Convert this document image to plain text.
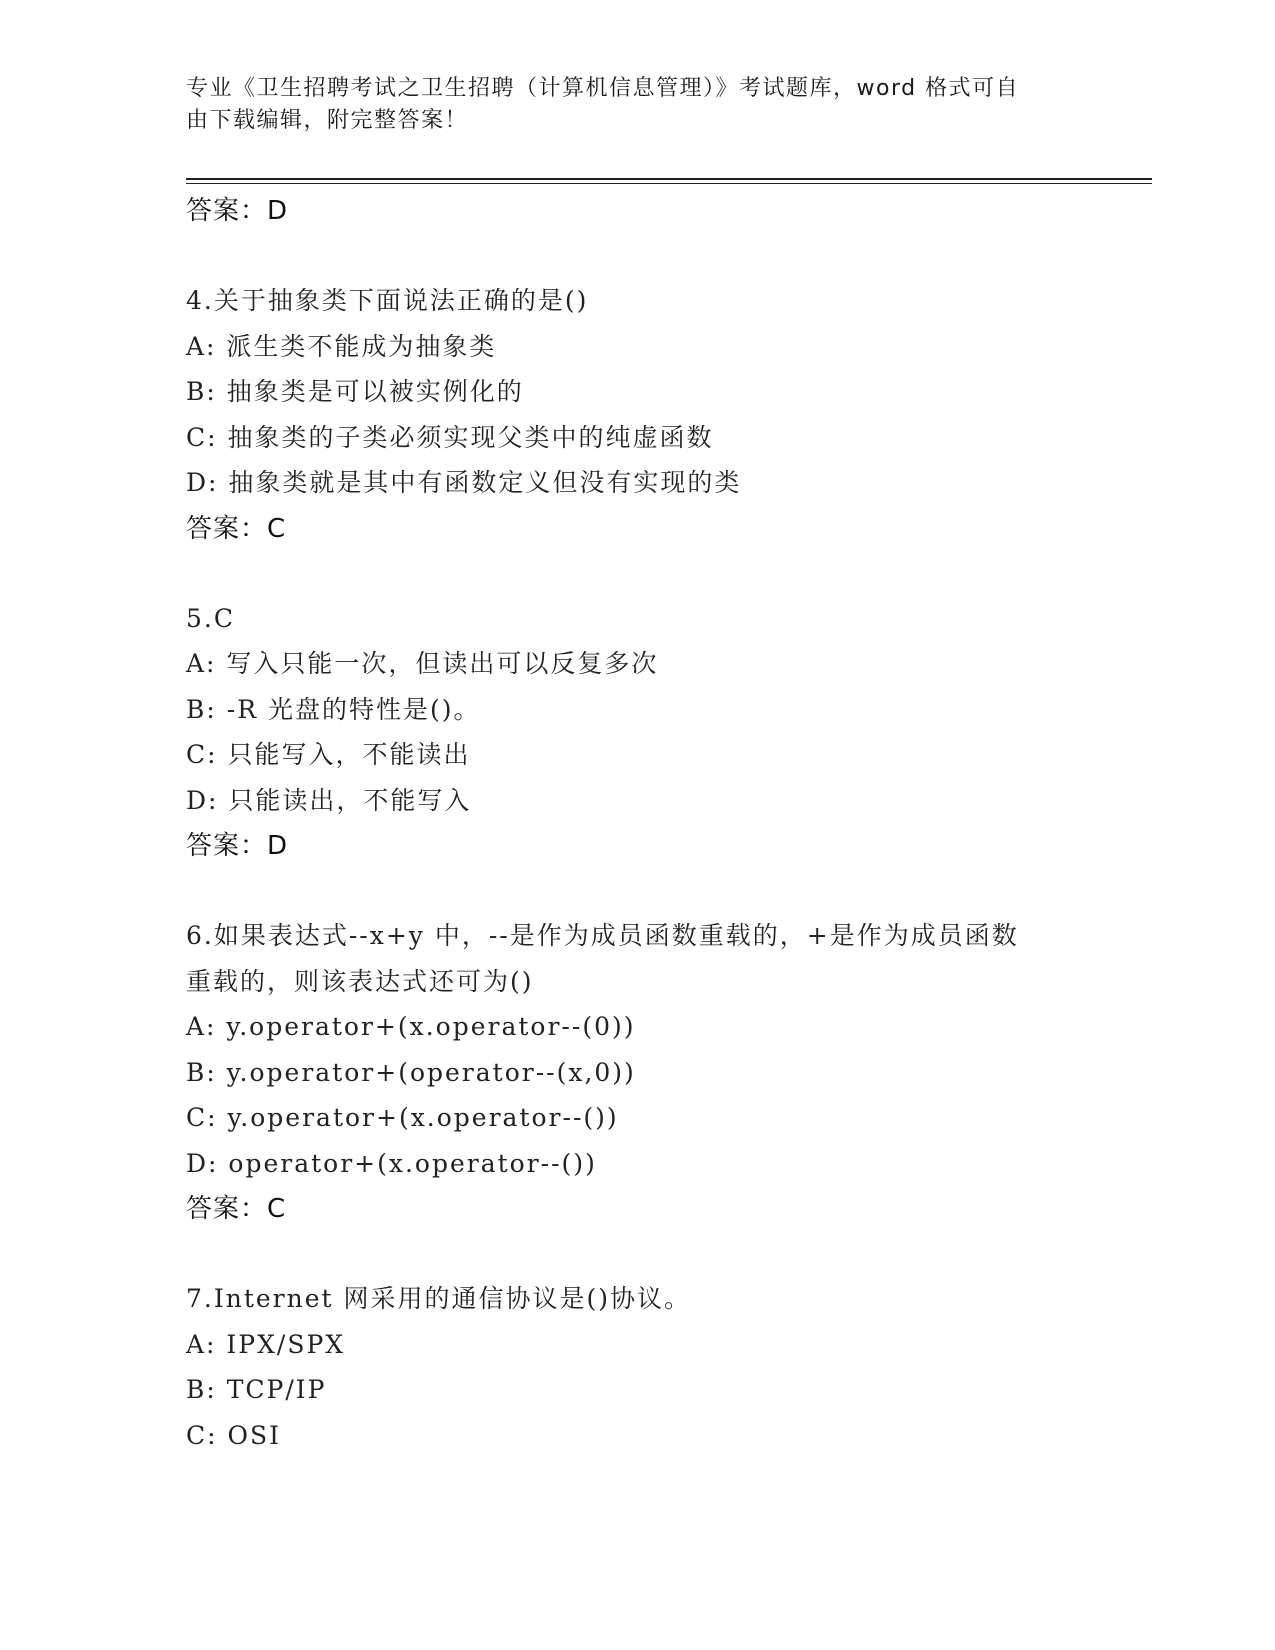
专业《卫生招聘考试之卫生招聘（计算机信息管理）》考试题库，word 格式可自
由下载编辑，附完整答案！
答案：D
4.关于抽象类下面说法正确的是()
A: 派生类不能成为抽象类
B: 抽象类是可以被实例化的
C: 抽象类的子类必须实现父类中的纯虚函数
D: 抽象类就是其中有函数定义但没有实现的类
答案：C
5.C
A: 写入只能一次，但读出可以反复多次
B: -R 光盘的特性是()。
C: 只能写入，不能读出
D: 只能读出，不能写入
答案：D
6.如果表达式--x+y 中，--是作为成员函数重载的，+是作为成员函数
重载的，则该表达式还可为()
A: y.operator+(x.operator--(0))
B: y.operator+(operator--(x,0))
C: y.operator+(x.operator--())
D: operator+(x.operator--())
答案：C
7.Internet 网采用的通信协议是()协议。
A: IPX/SPX
B: TCP/IP
C: OSI
